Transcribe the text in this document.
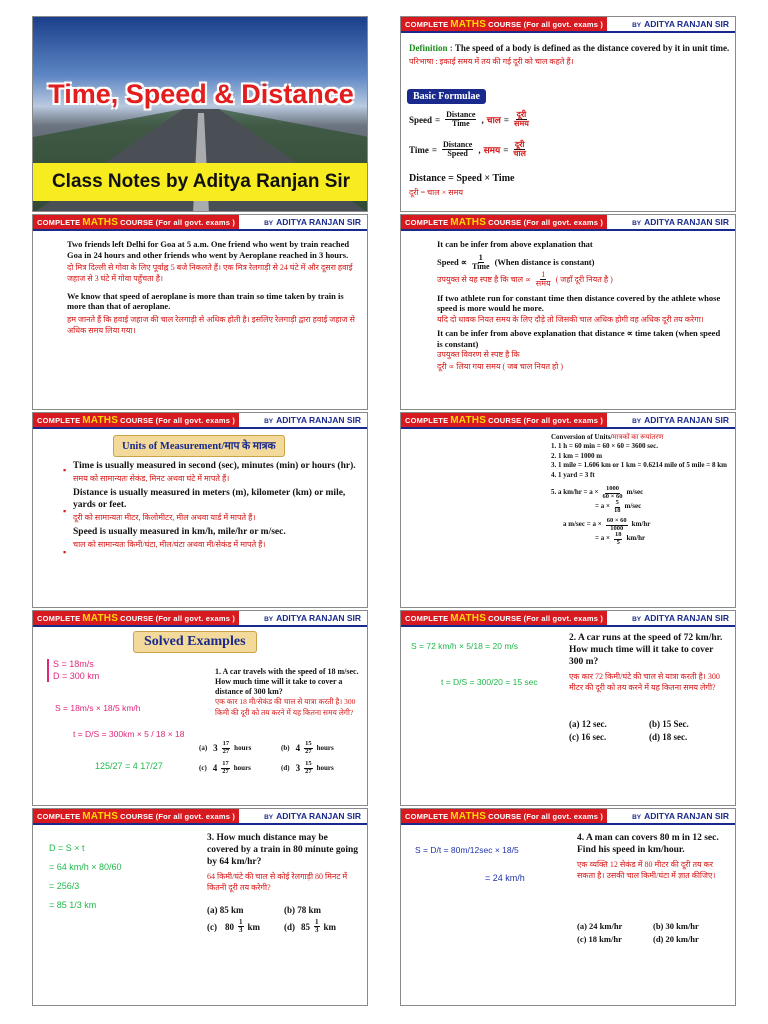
Time, Speed & Distance
Class Notes by Aditya Ranjan Sir
COMPLETE MATHS COURSE (For all govt. exams )	BY ADITYA RANJAN SIR
Definition : The speed of a body is defined as the distance covered by it in unit time.
परिभाषा : इकाई समय में तय की गई दूरी को चाल कहते हैं।
Basic Formulae
Speed = $\frac{\text{Distance}}{\text{Time}}$ , चाल = $\frac{\text{दूरी}}{\text{समय}}$
Time = $\frac{\text{Distance}}{\text{Speed}}$ , समय = $\frac{\text{दूरी}}{\text{चाल}}$
Distance = Speed × Time
दूरी = चाल × समय
COMPLETE MATHS COURSE (For all govt. exams )	BY ADITYA RANJAN SIR
Two friends left Delhi for Goa at 5 a.m. One friend who went by train reached Goa in 24 hours and other friends who went by Aeroplane reached in 3 hours.
दो मित्र दिल्ली से गोवा के लिए पूर्वाह्न 5 बजे निकलते हैं। एक मित्र रेलगाड़ी से 24 घंटे में और दूसरा हवाई जहाज से 3 घंटे में गोवा पहुँचता है।
We know that speed of aeroplane is more than train so time taken by train is more than that of aeroplane.
हम जानते हैं कि हवाई जहाज की चाल रेलगाड़ी से अधिक होती है। इसलिए रेलगाड़ी द्वारा हवाई जहाज से अधिक समय लिया गया।
COMPLETE MATHS COURSE (For all govt. exams )	BY ADITYA RANJAN SIR
It can be infer from above explanation that
Speed ∝ $\frac{1}{\text{Time}}$ (When distance is constant)
उपयुक्त से यह स्पष्ट है कि चाल ∝ $\frac{1}{\text{समय}}$ ( जहाँ दूरी नियत है )
If two athlete run for constant time then distance covered by the athlete whose speed is more would he more.
यदि दो धावक नियत समय के लिए दौड़े तो जिसकी चाल अधिक होगी वह अधिक दूरी तय करेगा।
It can be infer from above explanation that distance ∝ time taken (when speed is constant)
उपयुक्त विवरण से स्पष्ट है कि
दूरी ∝ लिया गया समय ( जब चाल नियत हो )
COMPLETE MATHS COURSE (For all govt. exams )	BY ADITYA RANJAN SIR
Units of Measurement/माप के मात्रक
Time is usually measured in second (sec), minutes (min) or hours (hr).
समय को सामान्यतः सेकंड, मिनट अथवा घंटे में मापते हैं।
Distance is usually measured in meters (m), kilometer (km) or mile, yards or feet.
दूरी को सामान्यतः मीटर, किलोमीटर, मील अथवा यार्ड में मापते हैं।
Speed is usually measured in km/h, mile/hr or m/sec.
चाल को सामान्यतः किमी/घंटा, मील/घंटा अथवा मी/सेकंड में मापते हैं।
▪
▪
▪
COMPLETE MATHS COURSE (For all govt. exams )	BY ADITYA RANJAN SIR
Conversion of Units/मात्रकों का रूपांतरण
1. 1 h = 60 min = 60 × 60 = 3600 sec.
2. 1 km = 1000 m
3. 1 mile = 1.606 km or 1 km = 0.6214 mile of 5 mile = 8 km
4. 1 yard = 3 ft
5. a $km/hr = a \times \frac{1000}{60 \times 60} m/\sec$
= $a \times \frac{5}{18} m/\sec$
a $m/\sec = a \times \frac{60 \times 60}{1000} km/hr$
= $a \times \frac{18}{5} km/hr$
COMPLETE MATHS COURSE (For all govt. exams )	BY ADITYA RANJAN SIR
Solved Examples
1. A car travels with the speed of 18 m/sec. How much time will it take to cover a distance of 300 km?
एक कार 18 मी/सेकंड की चाल से यात्रा करती है। 300 किमी की दूरी को तय करने में यह कितना समय लेगी?
(a) $3 \frac{17}{27}$ hours	(b) $4 \frac{15}{27}$ hours
(c) $4 \frac{17}{27}$ hours	(d) $3 \frac{15}{27}$ hours
S = 18m/s
D = 300 km
S = 18m/s × 18/5 km/h
t = D/S = 300km × 5 / 18 × 18
125/27 = 4 17/27
COMPLETE MATHS COURSE (For all govt. exams )	BY ADITYA RANJAN SIR
2. A car runs at the speed of 72 km/hr. How much time will it take to cover 300 m?
एक कार 72 किमी/घंटे की चाल से यात्रा करती है। 300 मीटर की दूरी को तय करने में यह कितना समय लेगी?
(a) 12 sec.	(b) 15 Sec.
(c) 16 sec.	(d) 18 sec.
S = 72 km/h × 5/18 = 20 m/s
t = D/S = 300/20 = 15 sec
COMPLETE MATHS COURSE (For all govt. exams )	BY ADITYA RANJAN SIR
3. How much distance may be covered by a train in 80 minute going by 64 km/hr?
64 किमी/घंटे की चाल से कोई रेलगाड़ी 80 मिनट में कितनी दूरी तय करेगी?
(a) 85 km	(b) 78 km
(c) $80 \frac{1}{3}$ km	(d) $85 \frac{1}{3}$ km
D = S × t
= 64 km/h × 80/60
= 256/3
= 85 1/3 km
COMPLETE MATHS COURSE (For all govt. exams )	BY ADITYA RANJAN SIR
4. A man can covers 80 m in 12 sec. Find his speed in km/hour.
एक व्यक्ति 12 सेकंड में 80 मीटर की दूरी तय कर सकता है। उसकी चाल किमी/घंटा में ज्ञात कीजिए।
(a) 24 km/hr	(b) 30 km/hr
(c) 18 km/hr	(d) 20 km/hr
S = D/t = 80m/12sec × 18/5
= 24 km/h
